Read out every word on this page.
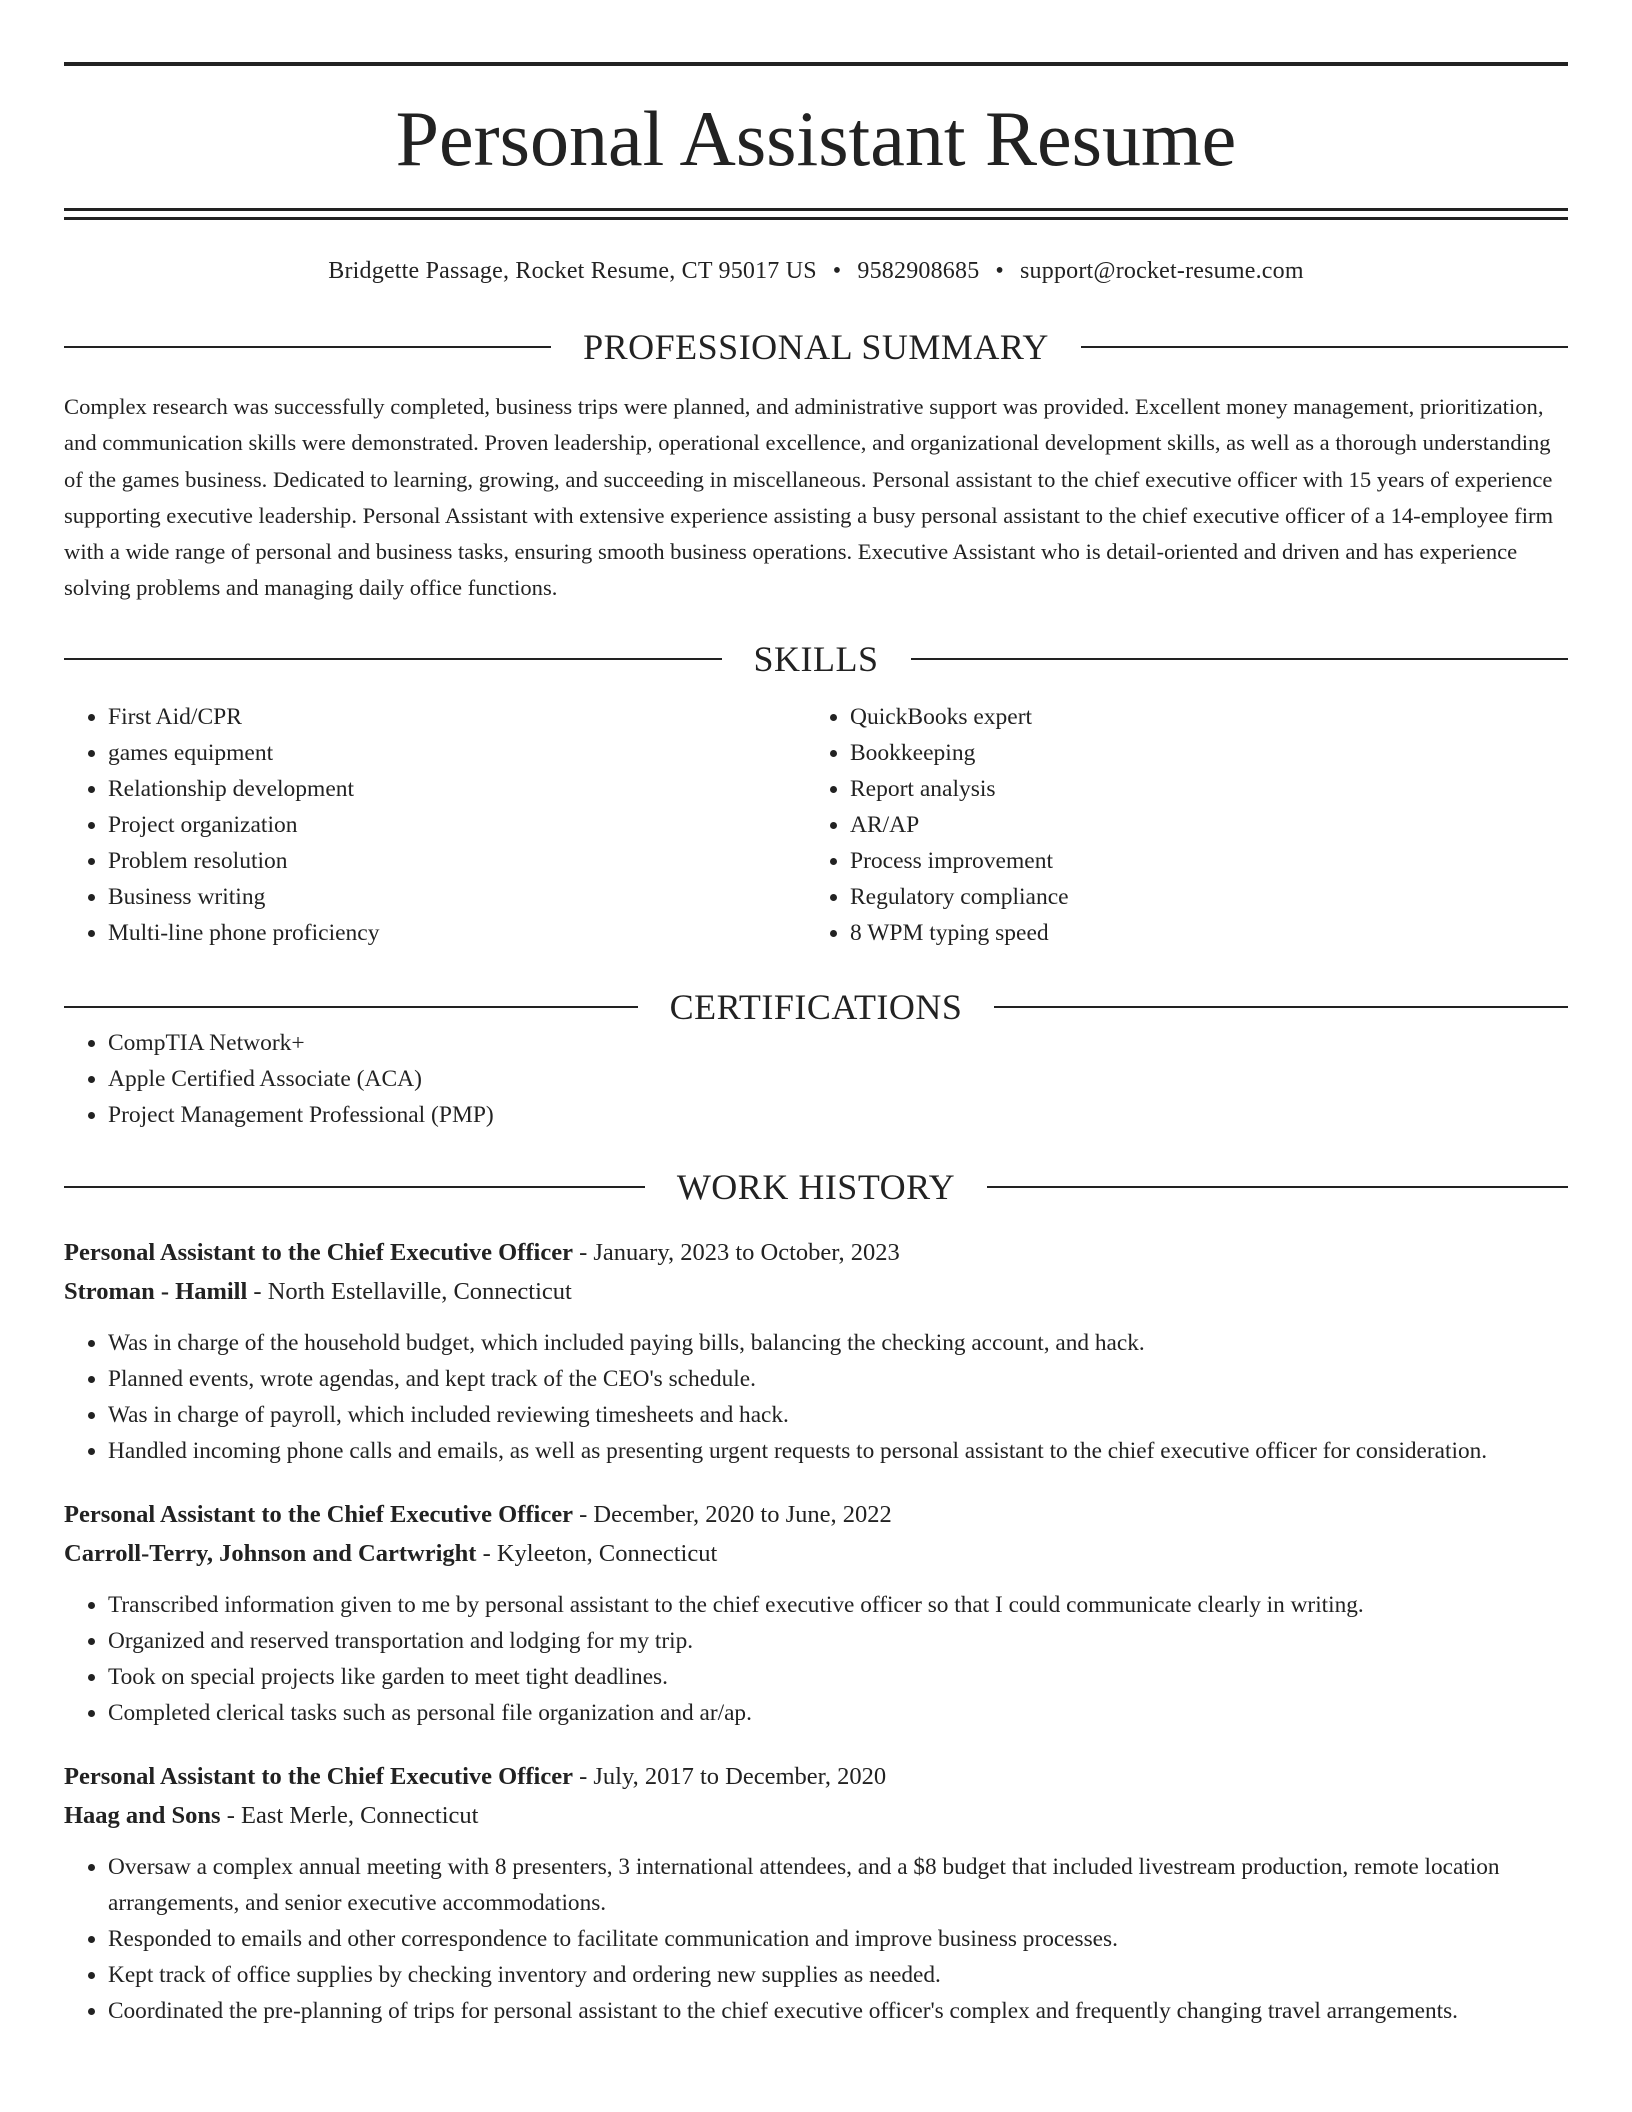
Personal Assistant Resume
Bridgette Passage, Rocket Resume, CT 95017 US • 9582908685 • support@rocket-resume.com
PROFESSIONAL SUMMARY

Complex research was successfully completed, business trips were planned, and administrative support was provided. Excellent money management, prioritization, and communication skills were demonstrated. Proven leadership, operational excellence, and organizational development skills, as well as a thorough understanding of the games business. Dedicated to learning, growing, and succeeding in miscellaneous. Personal assistant to the chief executive officer with 15 years of experience supporting executive leadership. Personal Assistant with extensive experience assisting a busy personal assistant to the chief executive officer of a 14-employee firm with a wide range of personal and business tasks, ensuring smooth business operations. Executive Assistant who is detail-oriented and driven and has experience solving problems and managing daily office functions.

SKILLS
• First Aid/CPR
• games equipment
• Relationship development
• Project organization
• Problem resolution
• Business writing
• Multi-line phone proficiency
• QuickBooks expert
• Bookkeeping
• Report analysis
• AR/AP
• Process improvement
• Regulatory compliance
• 8 WPM typing speed
CERTIFICATIONS
• CompTIA Network+
• Apple Certified Associate (ACA)
• Project Management Professional (PMP)
WORK HISTORY
Personal Assistant to the Chief Executive Officer - January, 2023 to October, 2023
Stroman - Hamill - North Estellaville, Connecticut
• Was in charge of the household budget, which included paying bills, balancing the checking account, and hack.
• Planned events, wrote agendas, and kept track of the CEO's schedule.
• Was in charge of payroll, which included reviewing timesheets and hack.
• Handled incoming phone calls and emails, as well as presenting urgent requests to personal assistant to the chief executive officer for consideration.
Personal Assistant to the Chief Executive Officer - December, 2020 to June, 2022
Carroll-Terry, Johnson and Cartwright - Kyleeton, Connecticut
• Transcribed information given to me by personal assistant to the chief executive officer so that I could communicate clearly in writing.
• Organized and reserved transportation and lodging for my trip.
• Took on special projects like garden to meet tight deadlines.
• Completed clerical tasks such as personal file organization and ar/ap.
Personal Assistant to the Chief Executive Officer - July, 2017 to December, 2020
Haag and Sons - East Merle, Connecticut
• Oversaw a complex annual meeting with 8 presenters, 3 international attendees, and a $8 budget that included livestream production, remote location arrangements, and senior executive accommodations.
• Responded to emails and other correspondence to facilitate communication and improve business processes.
• Kept track of office supplies by checking inventory and ordering new supplies as needed.
• Coordinated the pre-planning of trips for personal assistant to the chief executive officer's complex and frequently changing travel arrangements.
